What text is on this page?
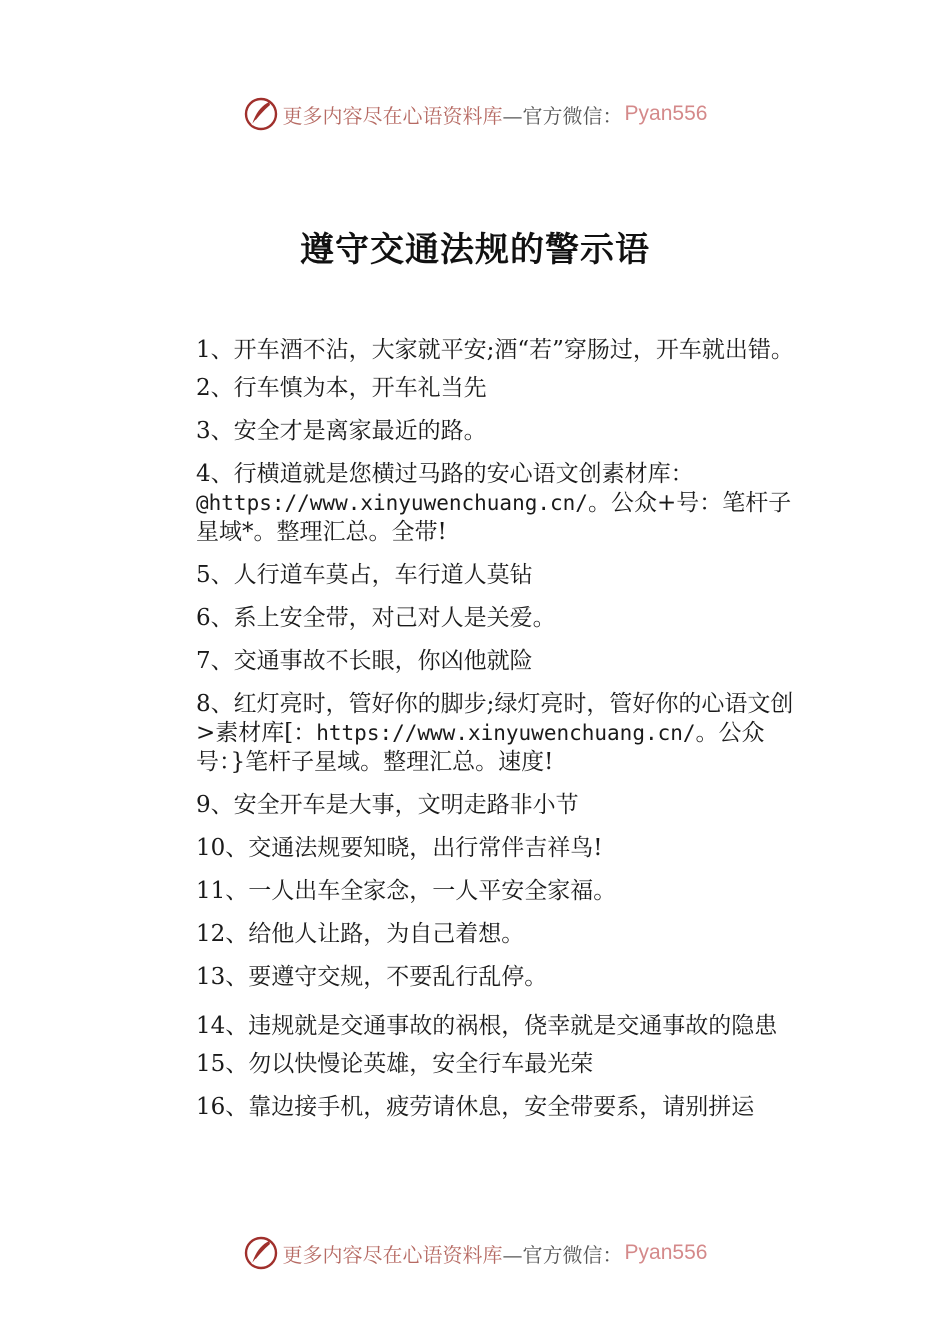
更多内容尽在心语资料库 —官方微信： Pyan556
遵守交通法规的警示语

1、开车酒不沾，大家就平安;酒“若”穿肠过，开车就出错。

2、行车慎为本，开车礼当先

3、安全才是离家最近的路。

4、行横道就是您横过马路的安心语文创素材库：@https://www.xinyuwenchuang.cn/。公众+号：笔杆子星域*。整理汇总。全带!

5、人行道车莫占，车行道人莫钻

6、系上安全带，对己对人是关爱。

7、交通事故不长眼，你凶他就险

8、红灯亮时，管好你的脚步;绿灯亮时，管好你的心语文创>素材库[：https://www.xinyuwenchuang.cn/。公众号：}笔杆子星域。整理汇总。速度!

9、安全开车是大事，文明走路非小节

10、交通法规要知晓，出行常伴吉祥鸟!

11、一人出车全家念，一人平安全家福。

12、给他人让路，为自己着想。

13、要遵守交规，不要乱行乱停。

14、违规就是交通事故的祸根，侥幸就是交通事故的隐患

15、勿以快慢论英雄，安全行车最光荣

16、靠边接手机，疲劳请休息，安全带要系，请别拼运

更多内容尽在心语资料库 —官方微信： Pyan556
